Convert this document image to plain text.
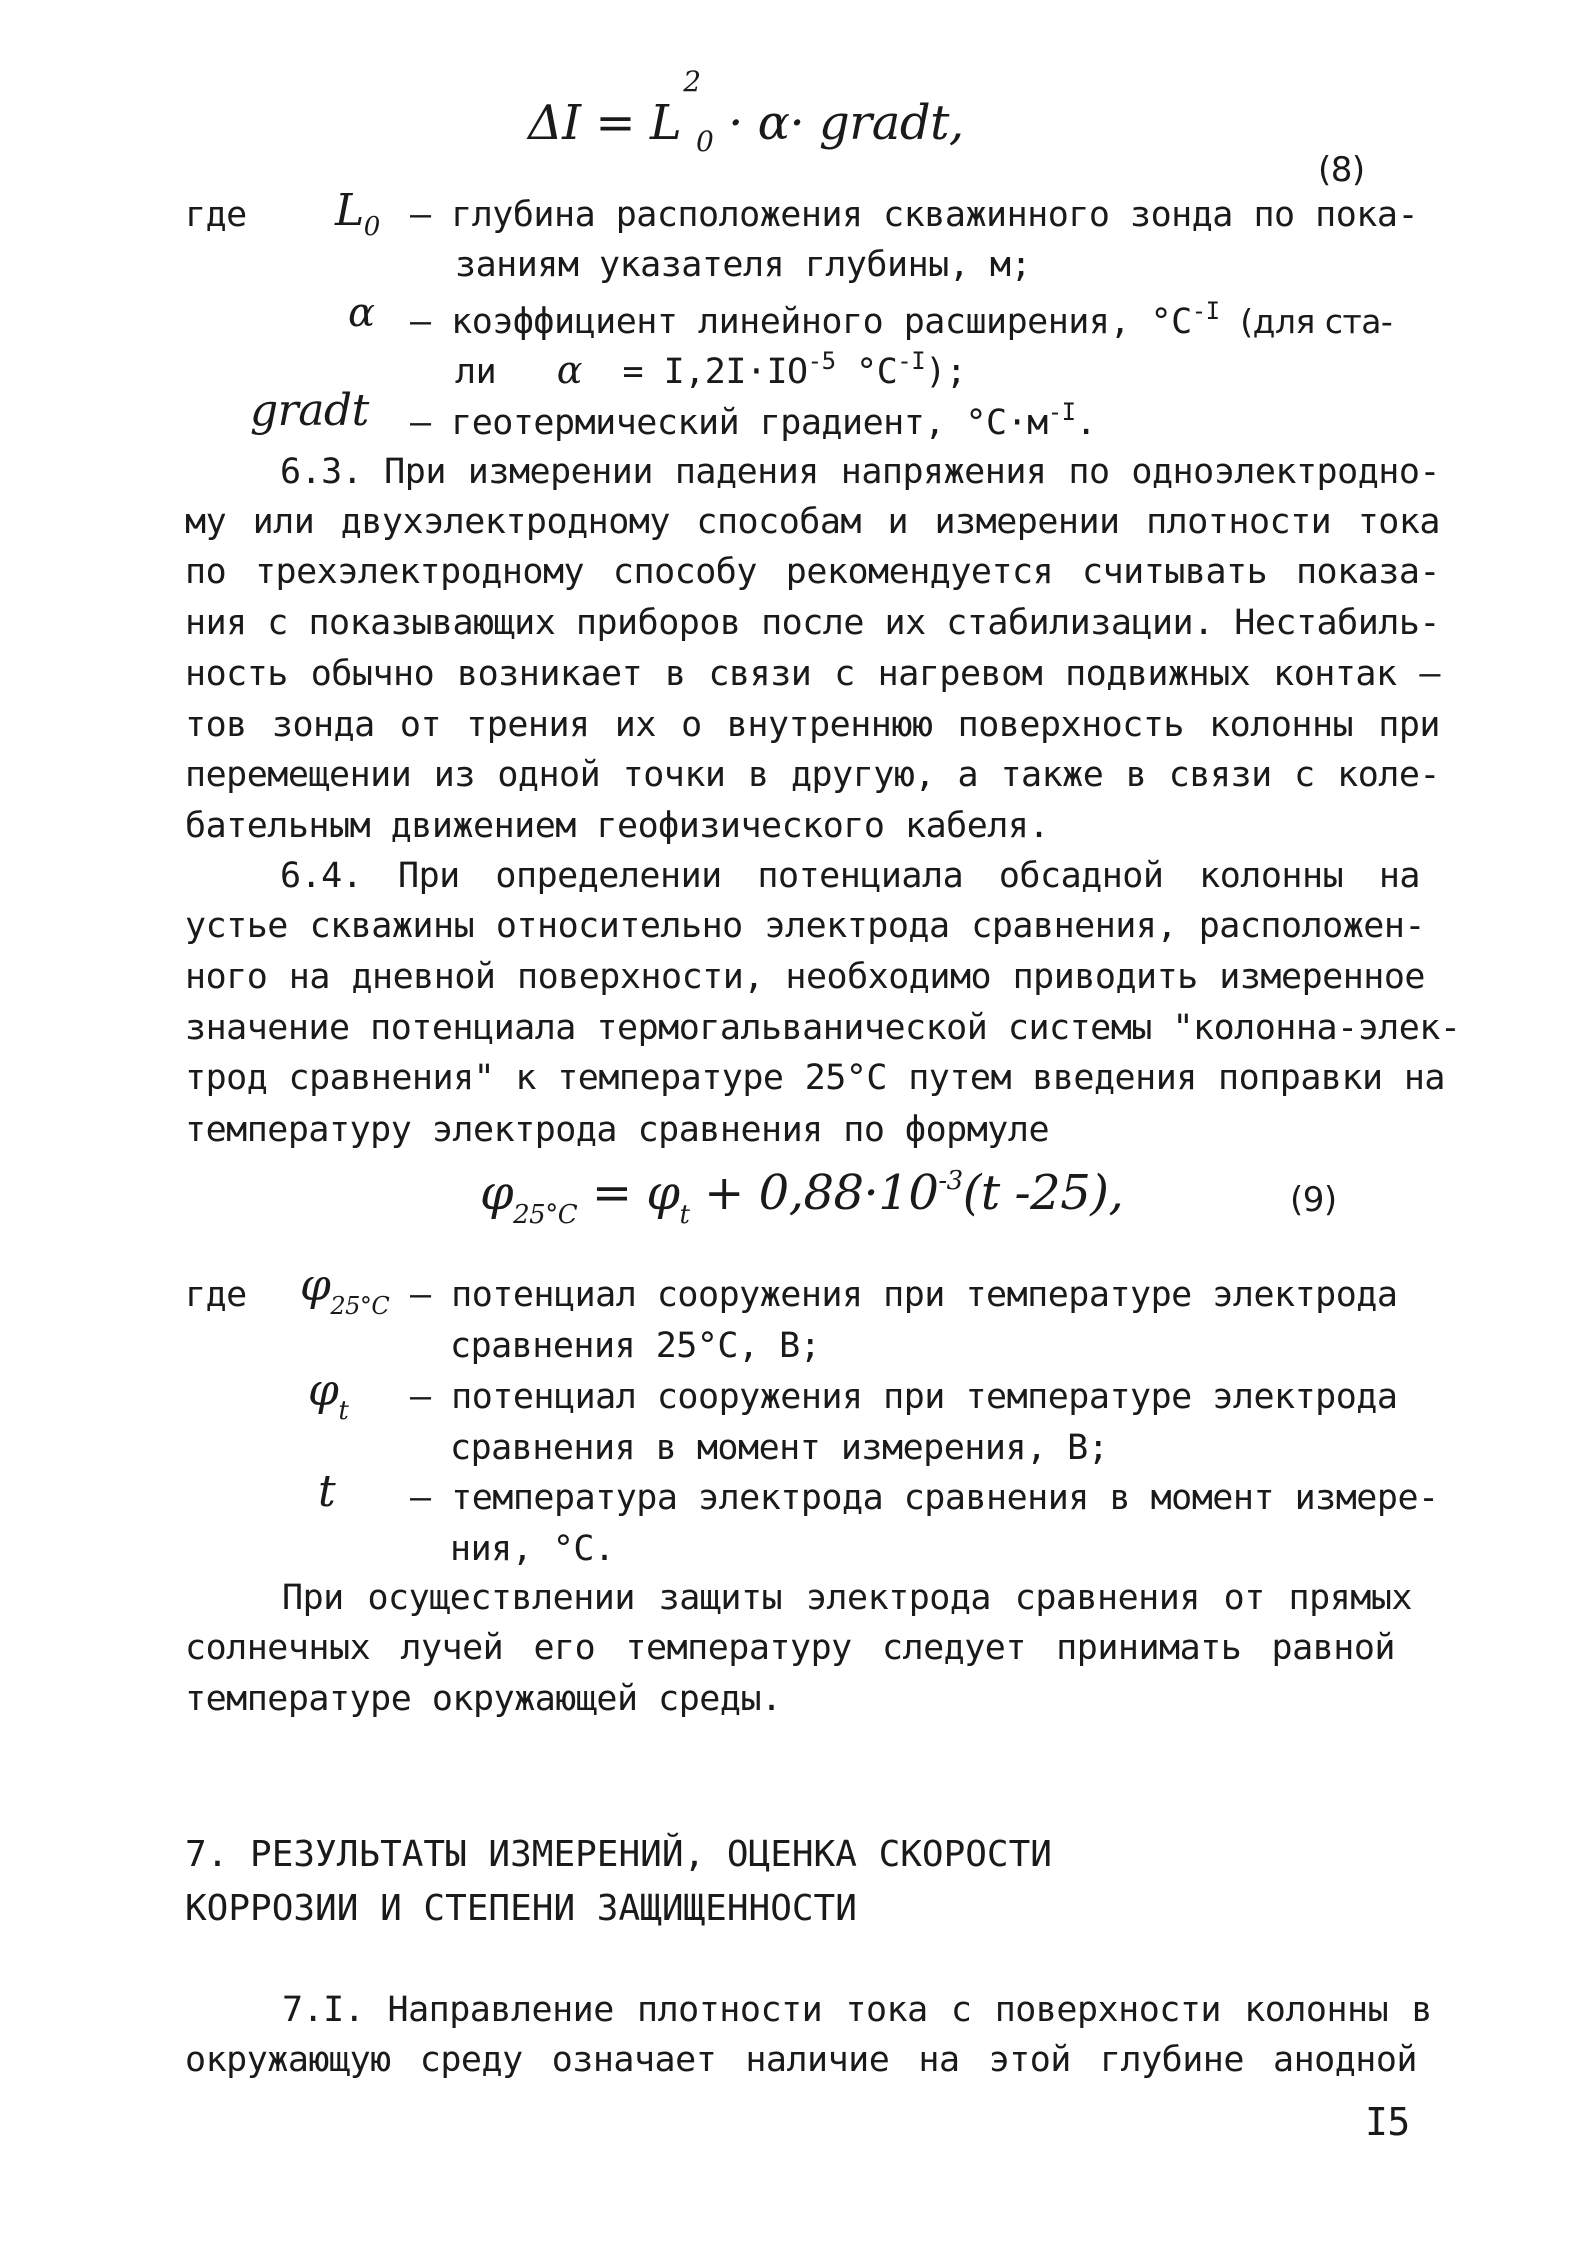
ΔI = L
2
$_0$ · α· gradt,
(8)
где $L_0$ – глубина расположения скважинного зонда по пока-
заниям указателя глубины, м;
α – коэффициент линейного расширения, $^\circ С^{-I}$ (для ста-
ли $\alpha = I,2I\cdot IO^{-5}$ $^\circ С^{-I}$);
gradt – геотермический градиент, $^\circ С\cdot м^{-I}$.
6.3. При измерении падения напряжения по одноэлектродно-
му или двухэлектродному способам и измерении плотности тока
по трехэлектродному способу рекомендуется считывать показа-
ния с показывающих приборов после их стабилизации. Нестабиль-
ность обычно возникает в связи с нагревом подвижных контак –
тов зонда от трения их о внутреннюю поверхность колонны при
перемещении из одной точки в другую, а также в связи с коле-
бательным движением геофизического кабеля.
6.4. При определении потенциала обсадной колонны на
устье скважины относительно электрода сравнения, расположен-
ного на дневной поверхности, необходимо приводить измеренное
значение потенциала термогальванической системы "колонна-элек-
трод сравнения" к температуре 25°С путем введения поправки на
температуру электрода сравнения по формуле
$\varphi_{25^\circ С} = \varphi_t + 0,88\cdot 10^{-3}(t$ -25),	(9)
где $\varphi_{25^\circ С}$ – потенциал сооружения при температуре электрода
сравнения 25°С, В;
$\varphi_t$ – потенциал сооружения при температуре электрода
сравнения в момент измерения, В;
t – температура электрода сравнения в момент измере-
ния, °С.
При осуществлении защиты электрода сравнения от прямых
солнечных лучей его температуру следует принимать равной
температуре окружающей среды.
7. РЕЗУЛЬТАТЫ ИЗМЕРЕНИЙ, ОЦЕНКА СКОРОСТИ
КОРРОЗИИ И СТЕПЕНИ ЗАЩИЩЕННОСТИ
7.I. Направление плотности тока с поверхности колонны в
окружающую среду означает наличие на этой глубине анодной
I5
